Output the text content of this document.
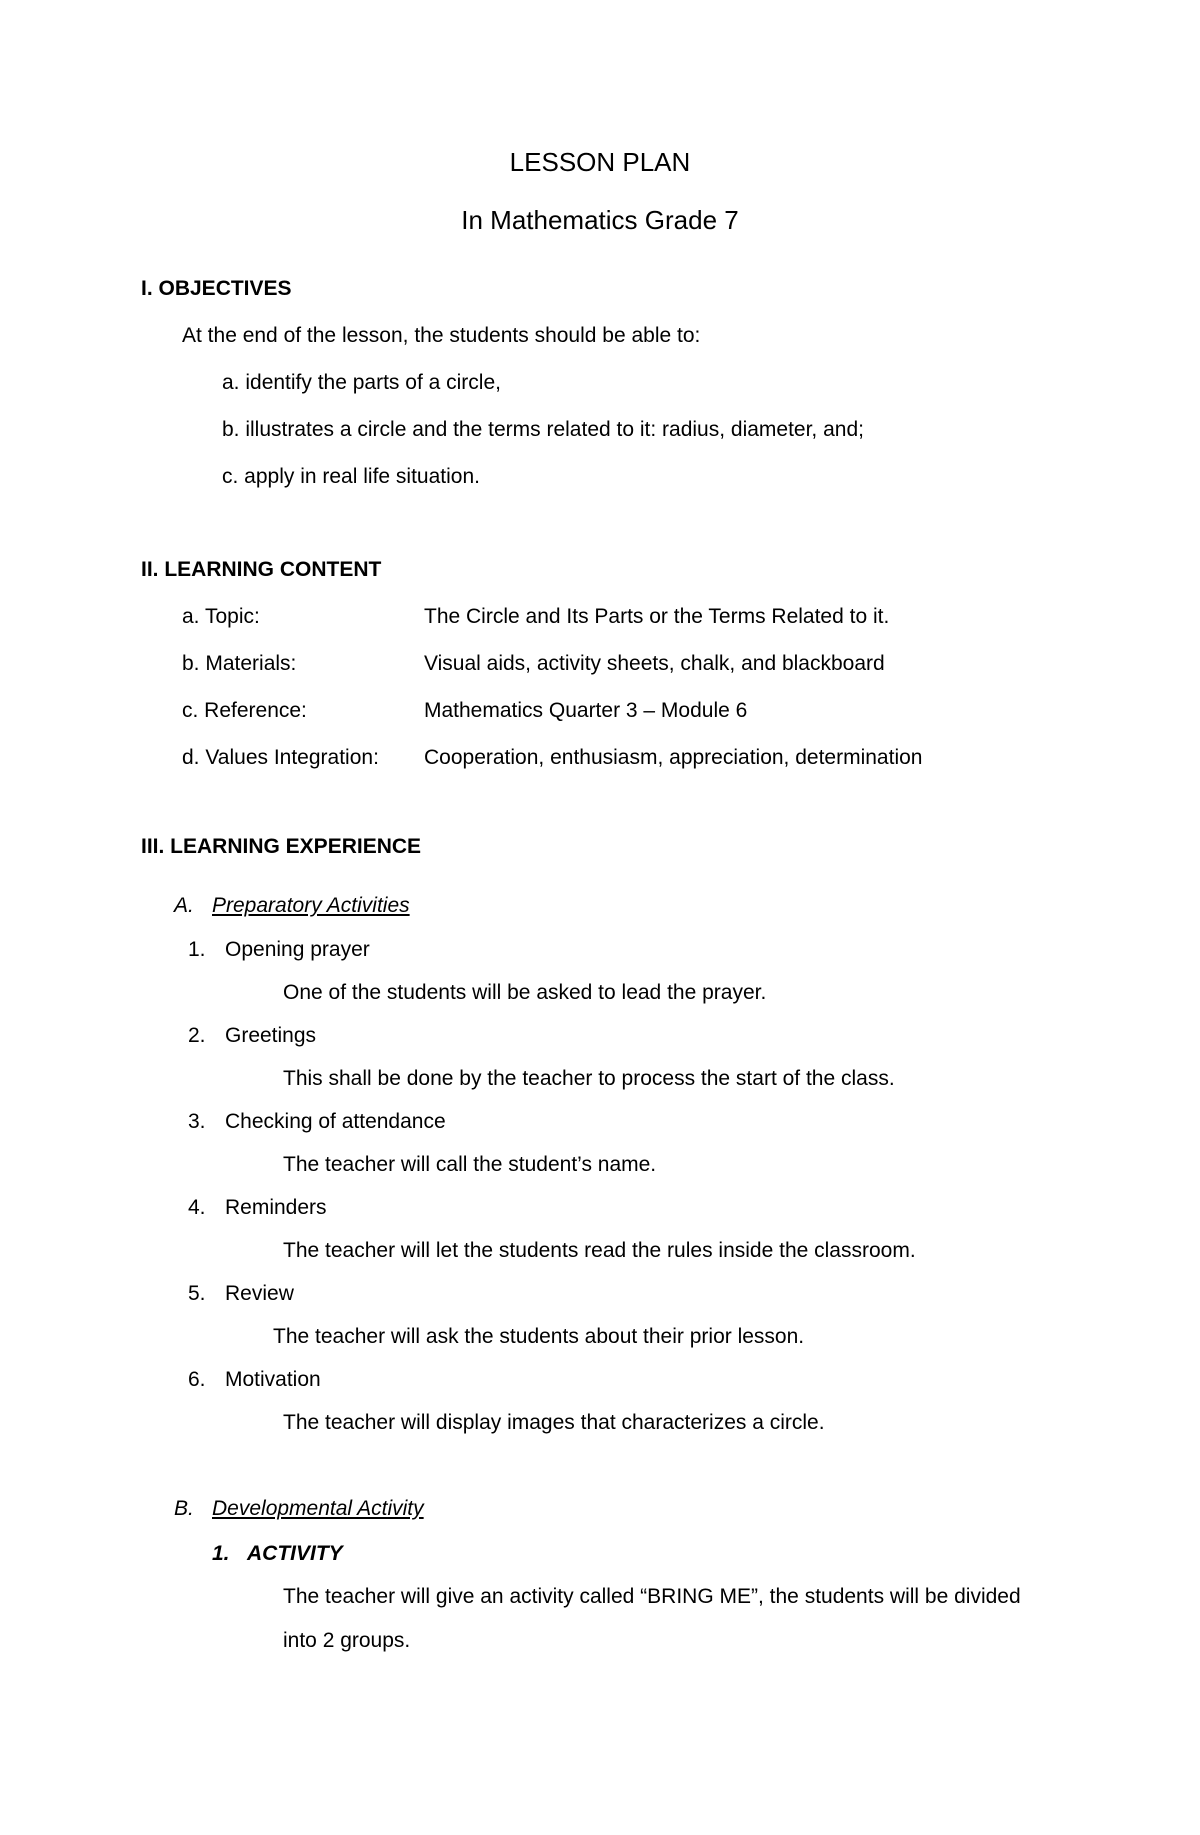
LESSON PLAN
In Mathematics Grade 7
I. OBJECTIVES
At the end of the lesson, the students should be able to:
a. identify the parts of a circle,
b. illustrates a circle and the terms related to it: radius, diameter, and;
c. apply in real life situation.
II. LEARNING CONTENT
a. Topic:	The Circle and Its Parts or the Terms Related to it.
b. Materials:	Visual aids, activity sheets, chalk, and blackboard
c. Reference:	Mathematics Quarter 3 – Module 6
d. Values Integration: Cooperation, enthusiasm, appreciation, determination
III. LEARNING EXPERIENCE
A. Preparatory Activities
1. Opening prayer
One of the students will be asked to lead the prayer.
2. Greetings
This shall be done by the teacher to process the start of the class.
3. Checking of attendance
The teacher will call the student’s name.
4. Reminders
The teacher will let the students read the rules inside the classroom.
5. Review
The teacher will ask the students about their prior lesson.
6. Motivation
The teacher will display images that characterizes a circle.
B. Developmental Activity
1. ACTIVITY
The teacher will give an activity called “BRING ME”, the students will be divided
into 2 groups.
